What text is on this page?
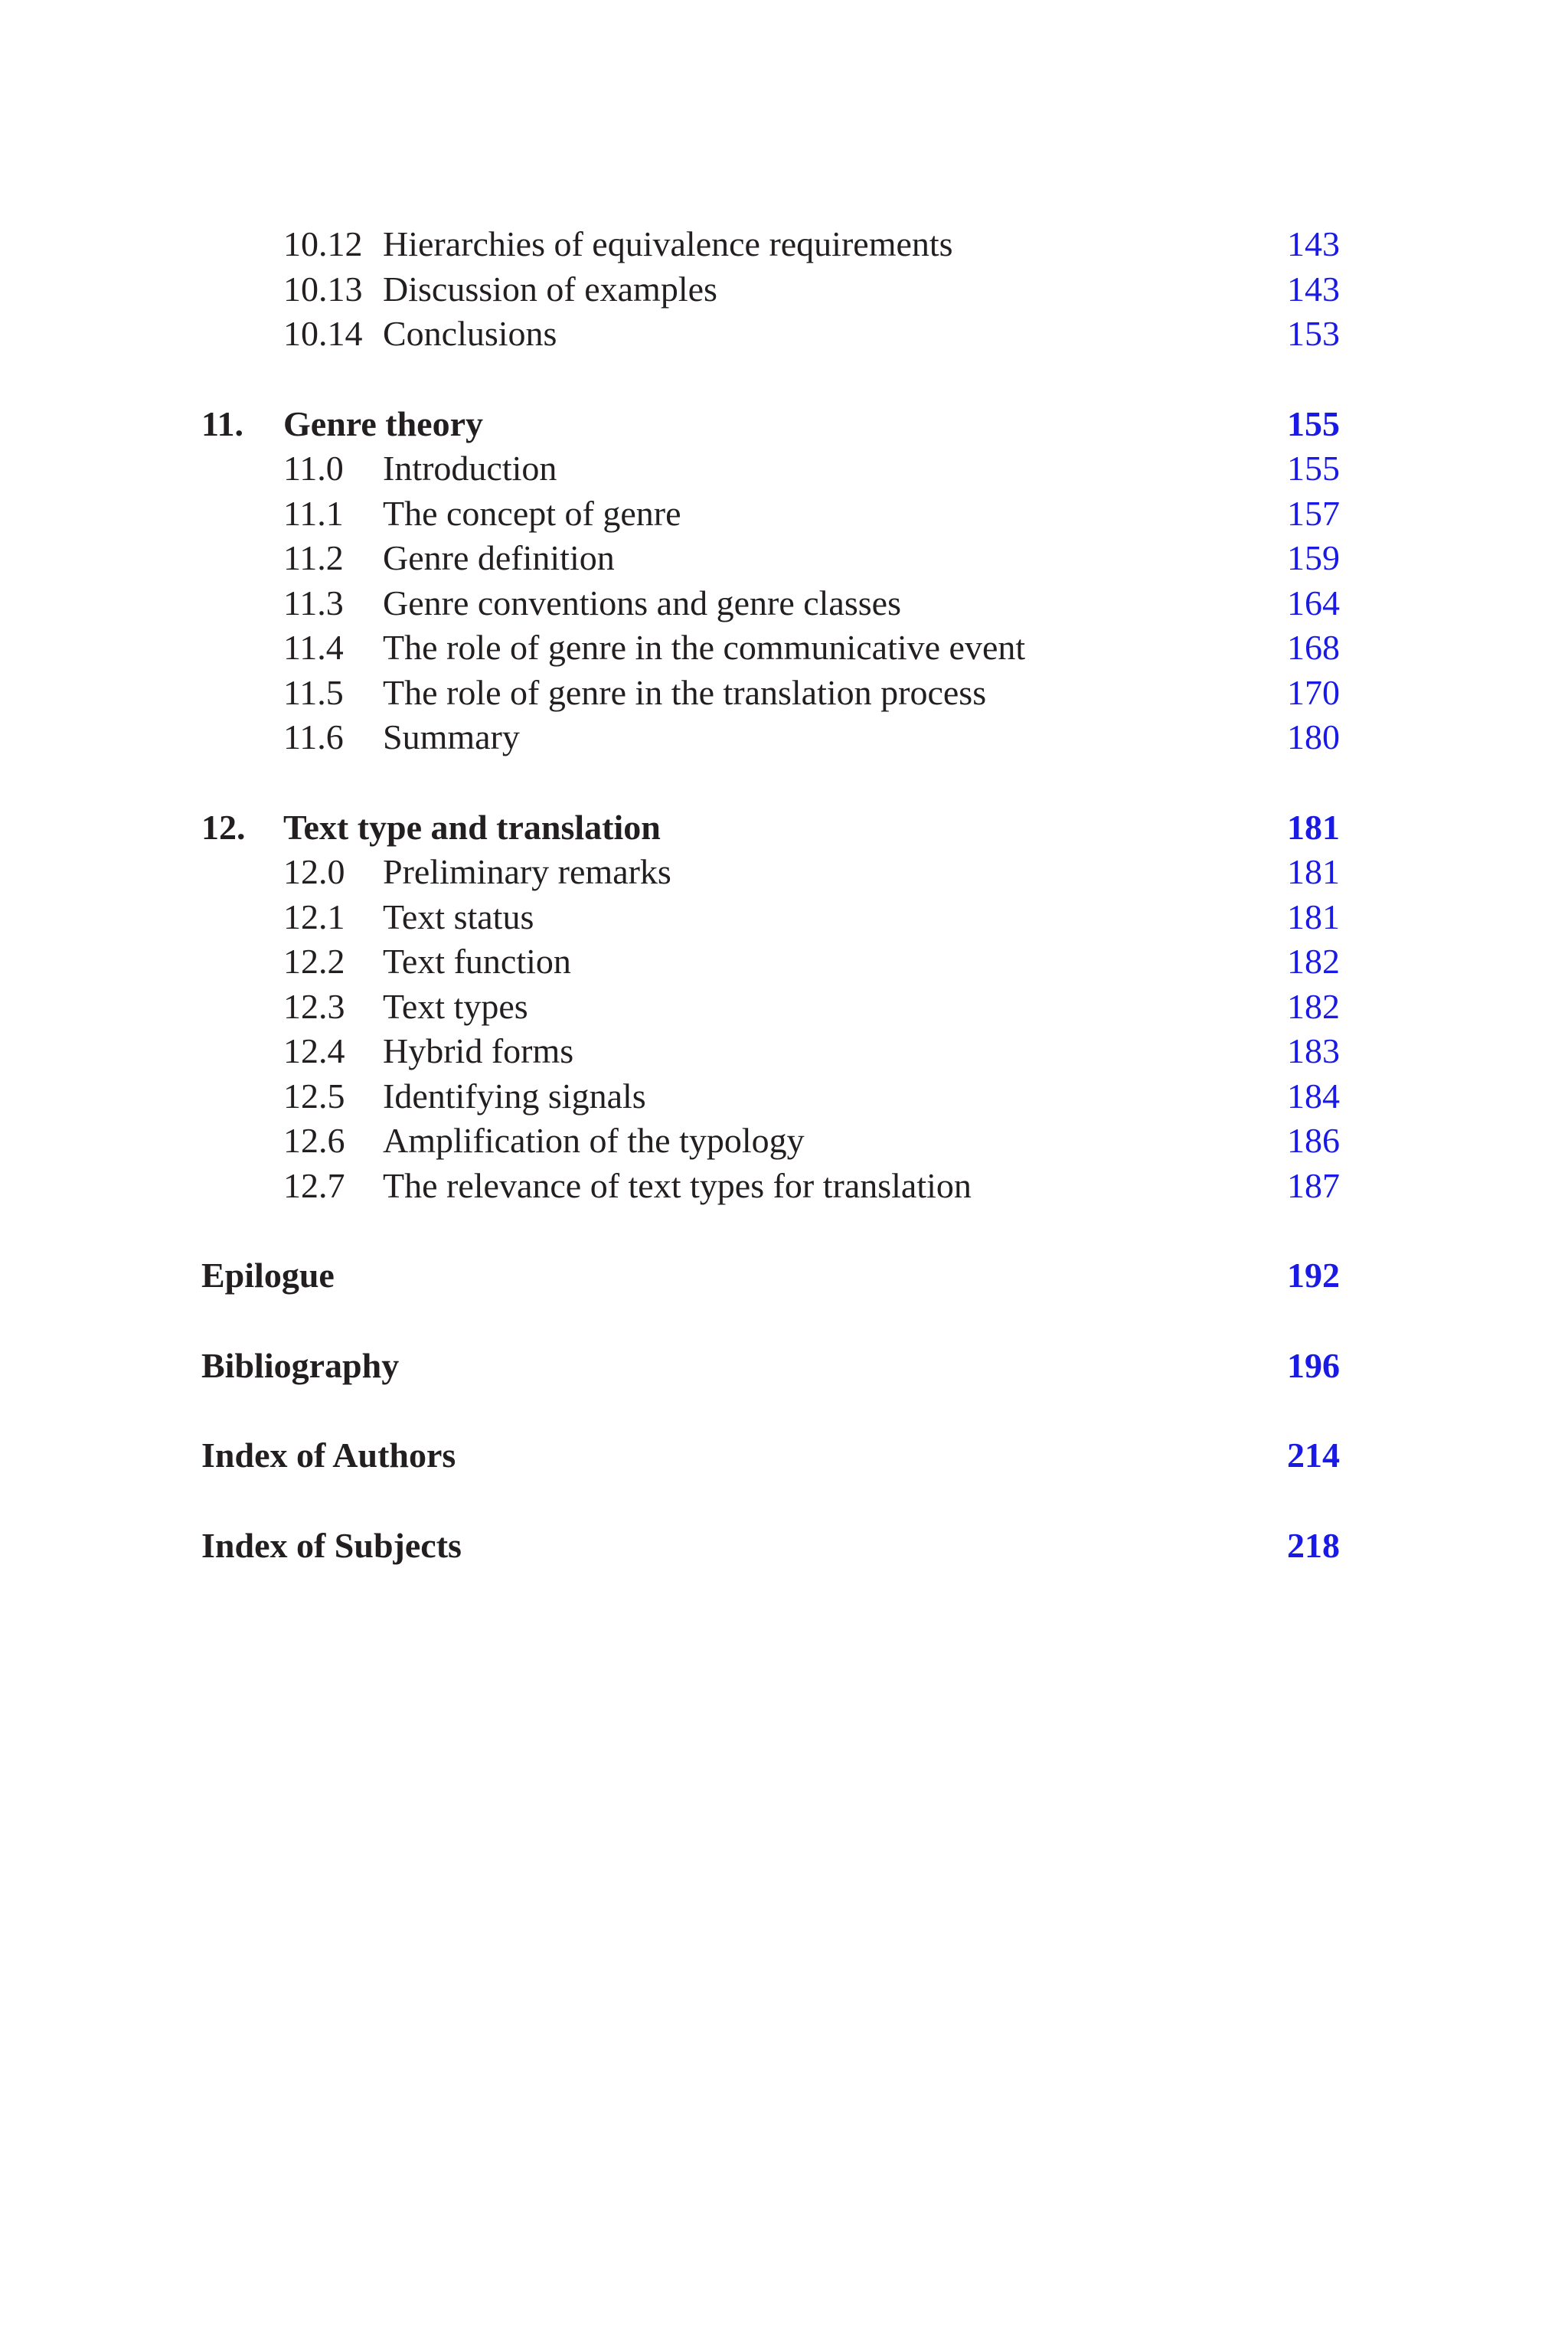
10.12 Hierarchies of equivalence requirements	143
10.13 Discussion of examples	143
10.14 Conclusions	153
11. Genre theory	155
11.0 Introduction	155
11.1 The concept of genre	157
11.2 Genre definition	159
11.3 Genre conventions and genre classes	164
11.4 The role of genre in the communicative event	168
11.5 The role of genre in the translation process	170
11.6 Summary	180
12. Text type and translation	181
12.0 Preliminary remarks	181
12.1 Text status	181
12.2 Text function	182
12.3 Text types	182
12.4 Hybrid forms	183
12.5 Identifying signals	184
12.6 Amplification of the typology	186
12.7 The relevance of text types for translation	187
Epilogue	192
Bibliography	196
Index of Authors	214
Index of Subjects	218
